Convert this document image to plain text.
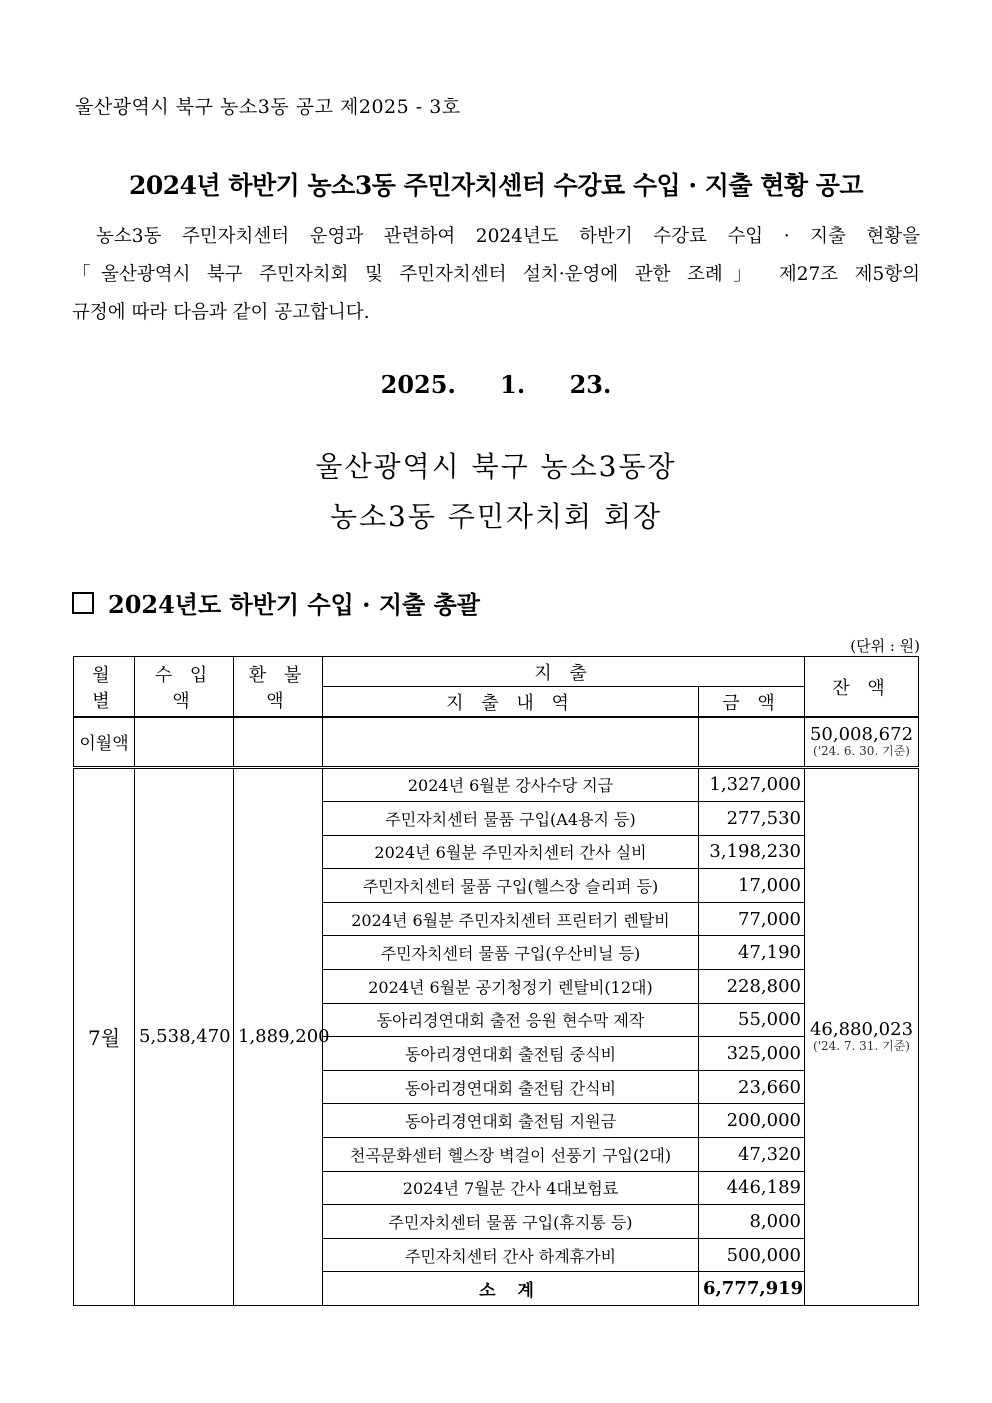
울산광역시 북구 농소3동 공고 제2025 - 3호
2024년 하반기 농소3동 주민자치센터 수강료 수입 · 지출 현황 공고

농소3동 주민자치센터 운영과 관련하여 2024년도 하반기 수강료 수입 · 지출 현황을

「울산광역시 북구 주민자치회 및 주민자치센터 설치·운영에 관한 조례」 제27조 제5항의

규정에 따라 다음과 같이 공고합니다.

2025. 1. 23.
울산광역시 북구 농소3동장
농소3동 주민자치회 회장
2024년도 하반기 수입 · 지출 총괄
(단위 : 원)
월 별	수 입 액	환 불 액	지 출		잔 액
			지 출 내 역	금 액	
이월액					50,008,672
('24. 6. 30. 기준)

7월	5,538,470	1,889,200	2024년 6월분 강사수당 지급	1,327,000	46,880,023
('24. 7. 31. 기준)

			주민자치센터 물품 구입(A4용지 등)	277,530	
			2024년 6월분 주민자치센터 간사 실비	3,198,230	
			주민자치센터 물품 구입(헬스장 슬리퍼 등)	17,000	
			2024년 6월분 주민자치센터 프린터기 렌탈비	77,000	
			주민자치센터 물품 구입(우산비닐 등)	47,190	
			2024년 6월분 공기청정기 렌탈비(12대)	228,800	
			동아리경연대회 출전 응원 현수막 제작	55,000	
			동아리경연대회 출전팀 중식비	325,000	
			동아리경연대회 출전팀 간식비	23,660	
			동아리경연대회 출전팀 지원금	200,000	
			천곡문화센터 헬스장 벽걸이 선풍기 구입(2대)	47,320	
			2024년 7월분 간사 4대보험료	446,189	
			주민자치센터 물품 구입(휴지통 등)	8,000	
			주민자치센터 간사 하계휴가비	500,000	
			소 계	6,777,919	
